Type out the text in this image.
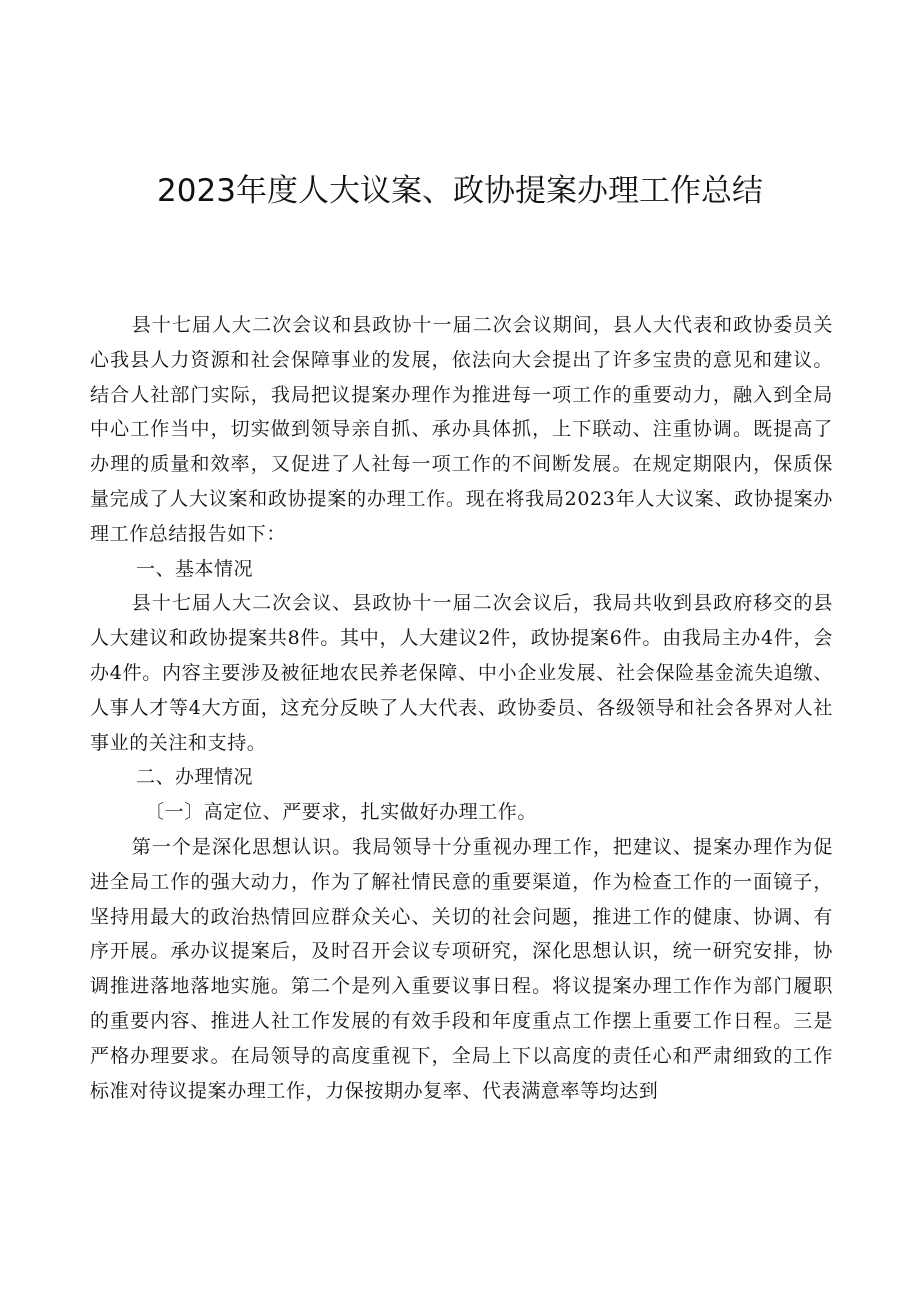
2023年度人大议案、政协提案办理工作总结

县十七届人大二次会议和县政协十一届二次会议期间，县人大代表和政协委员关心我县人力资源和社会保障事业的发展，依法向大会提出了许多宝贵的意见和建议。结合人社部门实际，我局把议提案办理作为推进每一项工作的重要动力，融入到全局中心工作当中，切实做到领导亲自抓、承办具体抓，上下联动、注重协调。既提高了办理的质量和效率，又促进了人社每一项工作的不间断发展。在规定期限内，保质保量完成了人大议案和政协提案的办理工作。现在将我局2023年人大议案、政协提案办理工作总结报告如下：

一、基本情况

县十七届人大二次会议、县政协十一届二次会议后，我局共收到县政府移交的县人大建议和政协提案共8件。其中，人大建议2件，政协提案6件。由我局主办4件，会办4件。内容主要涉及被征地农民养老保障、中小企业发展、社会保险基金流失追缴、人事人才等4大方面，这充分反映了人大代表、政协委员、各级领导和社会各界对人社事业的关注和支持。

二、办理情况

〔一〕高定位、严要求，扎实做好办理工作。

第一个是深化思想认识。我局领导十分重视办理工作，把建议、提案办理作为促进全局工作的强大动力，作为了解社情民意的重要渠道，作为检查工作的一面镜子，坚持用最大的政治热情回应群众关心、关切的社会问题，推进工作的健康、协调、有序开展。承办议提案后，及时召开会议专项研究，深化思想认识，统一研究安排，协调推进落地落地实施。第二个是列入重要议事日程。将议提案办理工作作为部门履职的重要内容、推进人社工作发展的有效手段和年度重点工作摆上重要工作日程。三是严格办理要求。在局领导的高度重视下，全局上下以高度的责任心和严肃细致的工作标准对待议提案办理工作，力保按期办复率、代表满意率等均达到
